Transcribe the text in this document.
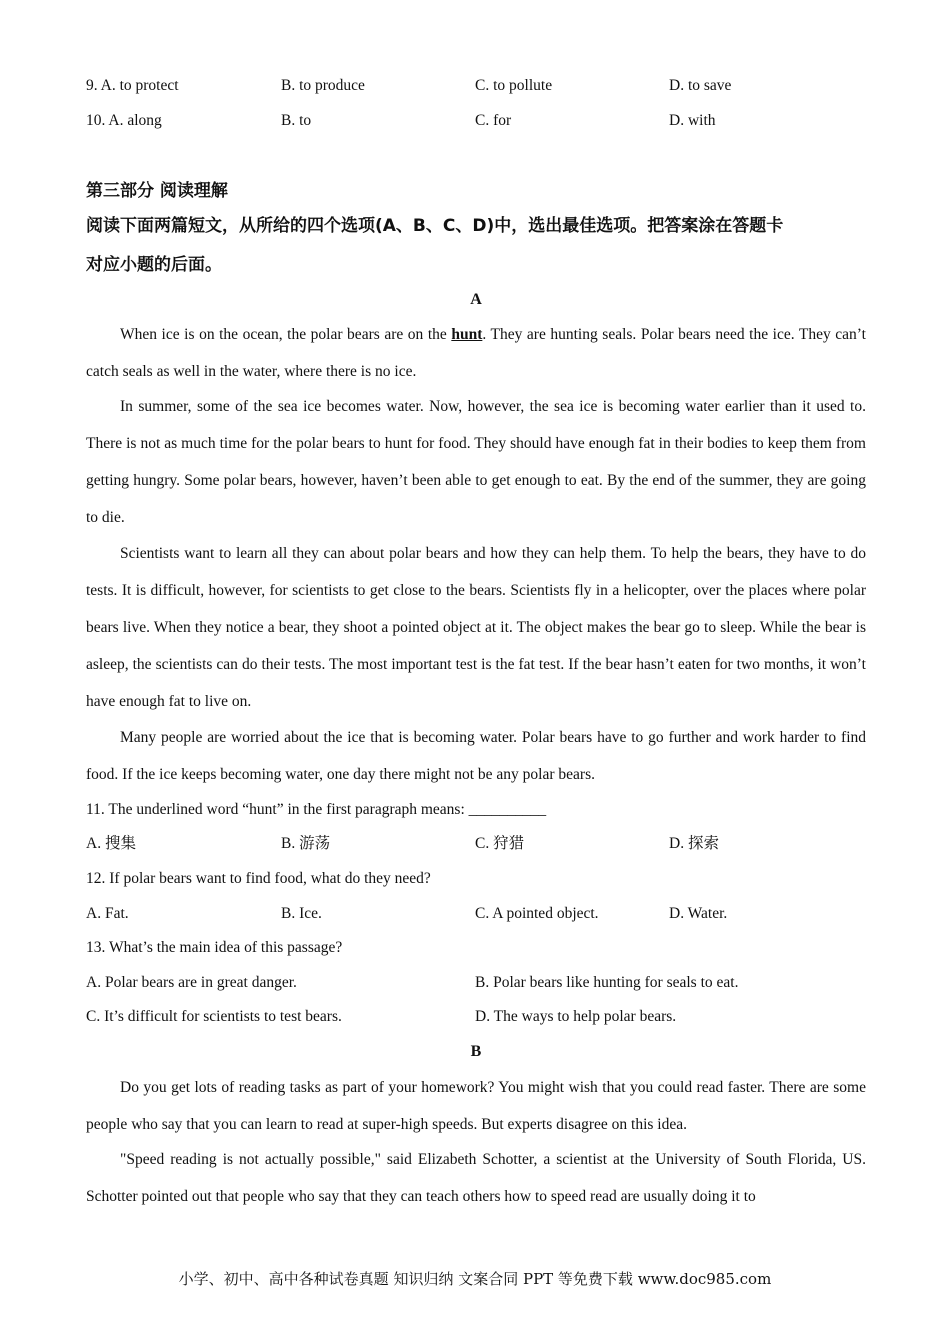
9. A. to protect	B. to produce	C. to pollute	D. to save
10. A. along	B. to	C. for	D. with
第三部分 阅读理解
阅读下面两篇短文，从所给的四个选项(A、B、C、D)中，选出最佳选项。把答案涂在答题卡
对应小题的后面。
A
When ice is on the ocean, the polar bears are on the hunt. They are hunting seals. Polar bears need the ice. They can’t catch seals as well in the water, where there is no ice.
In summer, some of the sea ice becomes water. Now, however, the sea ice is becoming water earlier than it used to. There is not as much time for the polar bears to hunt for food. They should have enough fat in their bodies to keep them from getting hungry. Some polar bears, however, haven’t been able to get enough to eat. By the end of the summer, they are going to die.
Scientists want to learn all they can about polar bears and how they can help them. To help the bears, they have to do tests. It is difficult, however, for scientists to get close to the bears. Scientists fly in a helicopter, over the places where polar bears live. When they notice a bear, they shoot a pointed object at it. The object makes the bear go to sleep. While the bear is asleep, the scientists can do their tests. The most important test is the fat test. If the bear hasn’t eaten for two months, it won’t have enough fat to live on.
Many people are worried about the ice that is becoming water. Polar bears have to go further and work harder to find food. If the ice keeps becoming water, one day there might not be any polar bears.
11. The underlined word “hunt” in the first paragraph means: __________
A. 搜集	B. 游荡	C. 狩猎	D. 探索
12. If polar bears want to find food, what do they need?
A. Fat.	B. Ice.	C. A pointed object.	D. Water.
13. What’s the main idea of this passage?
A. Polar bears are in great danger.	B. Polar bears like hunting for seals to eat.
C. It’s difficult for scientists to test bears.	D. The ways to help polar bears.
B
Do you get lots of reading tasks as part of your homework? You might wish that you could read faster. There are some people who say that you can learn to read at super-high speeds. But experts disagree on this idea.
"Speed reading is not actually possible," said Elizabeth Schotter, a scientist at the University of South Florida, US. Schotter pointed out that people who say that they can teach others how to speed read are usually doing it to
小学、初中、高中各种试卷真题 知识归纳 文案合同 PPT 等免费下载 www.doc985.com
